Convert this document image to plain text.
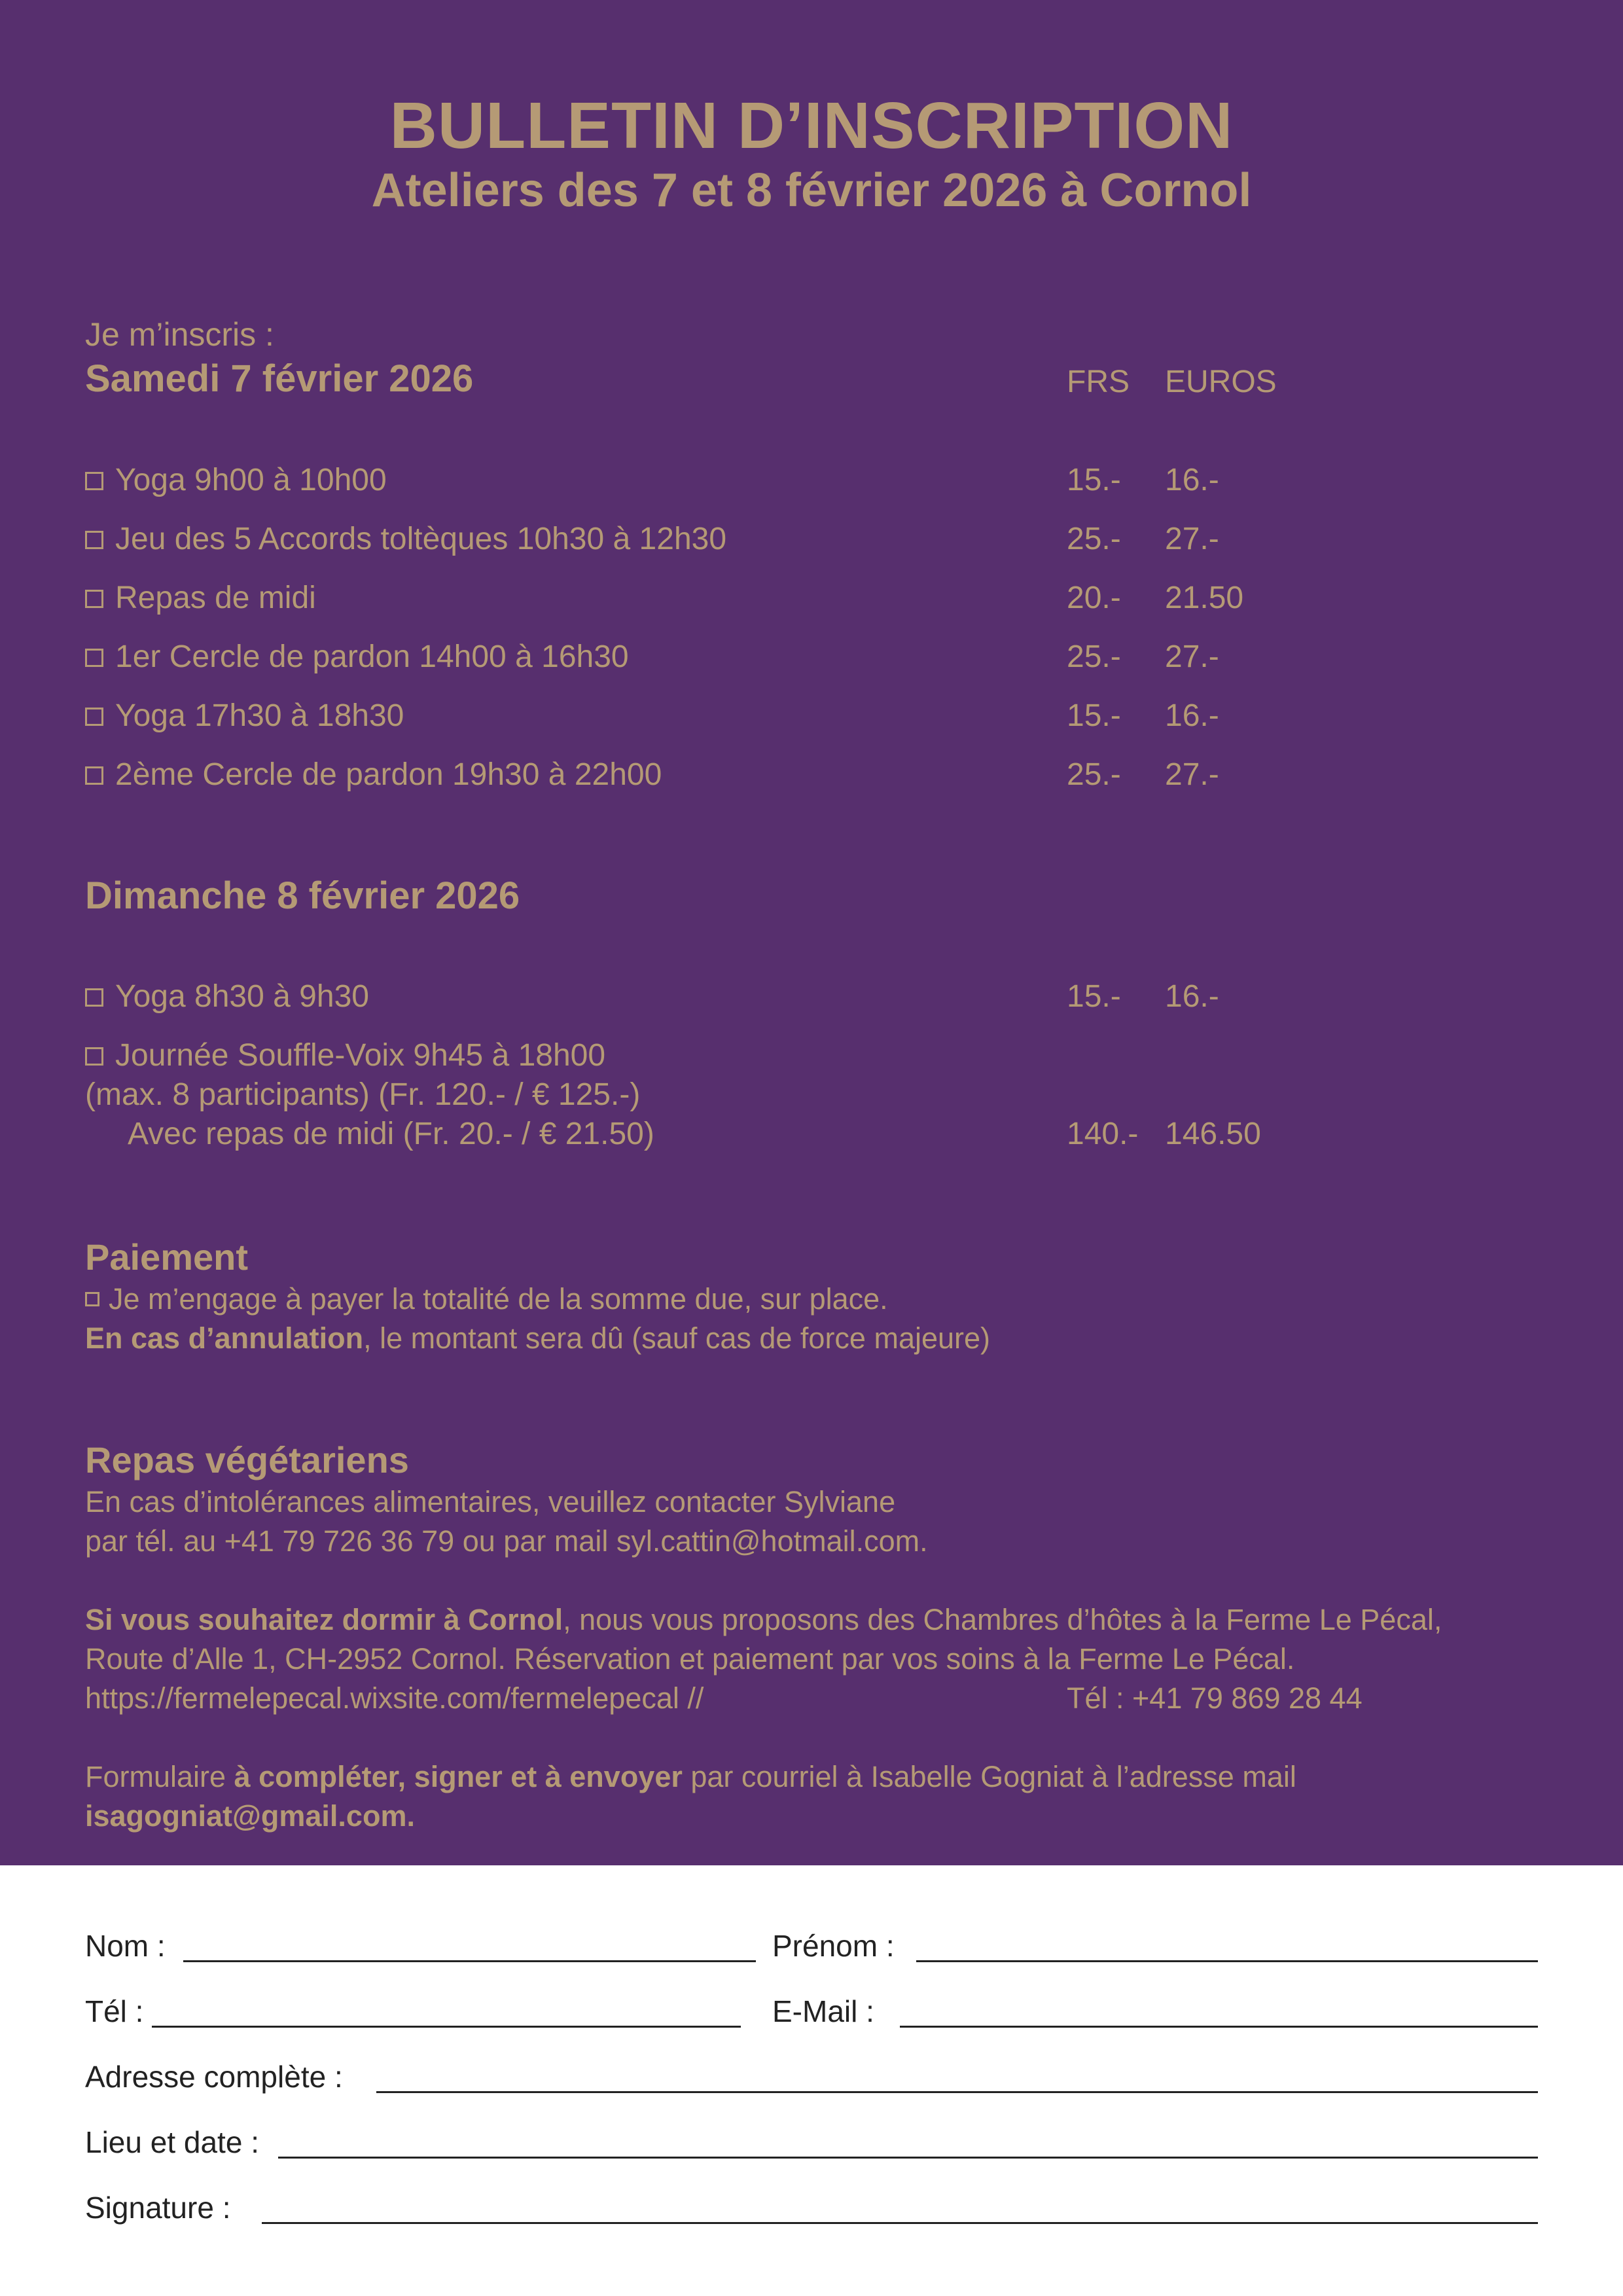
BULLETIN D’INSCRIPTION
Ateliers des 7 et 8 février 2026 à Cornol
Je m’inscris :
Samedi 7 février 2026	FRS EUROS
Yoga 9h00 à 10h00	15.- 16.-
Jeu des 5 Accords toltèques 10h30 à 12h30	25.- 27.-
Repas de midi	20.- 21.50
1er Cercle de pardon 14h00 à 16h30	25.- 27.-
Yoga 17h30 à 18h30	15.- 16.-
2ème Cercle de pardon 19h30 à 22h00	25.- 27.-
Dimanche 8 février 2026
Yoga 8h30 à 9h30	15.- 16.-
Journée Souffle-Voix 9h45 à 18h00
(max. 8 participants) (Fr. 120.- / € 125.-)
Avec repas de midi (Fr. 20.- / € 21.50)	140.- 146.50
Paiement
Je m’engage à payer la totalité de la somme due, sur place.
En cas d’annulation, le montant sera dû (sauf cas de force majeure)
Repas végétariens
En cas d’intolérances alimentaires, veuillez contacter Sylviane
par tél. au +41 79 726 36 79 ou par mail syl.cattin@hotmail.com.
Si vous souhaitez dormir à Cornol, nous vous proposons des Chambres d’hôtes à la Ferme Le Pécal,
Route d’Alle 1, CH-2952 Cornol. Réservation et paiement par vos soins à la Ferme Le Pécal.
https://fermelepecal.wixsite.com/fermelepecal //	Tél : +41 79 869 28 44
Formulaire à compléter, signer et à envoyer par courriel à Isabelle Gogniat à l’adresse mail
isagogniat@gmail.com.
Nom :	Prénom :
Tél :	E-Mail :
Adresse complète :
Lieu et date :
Signature :
